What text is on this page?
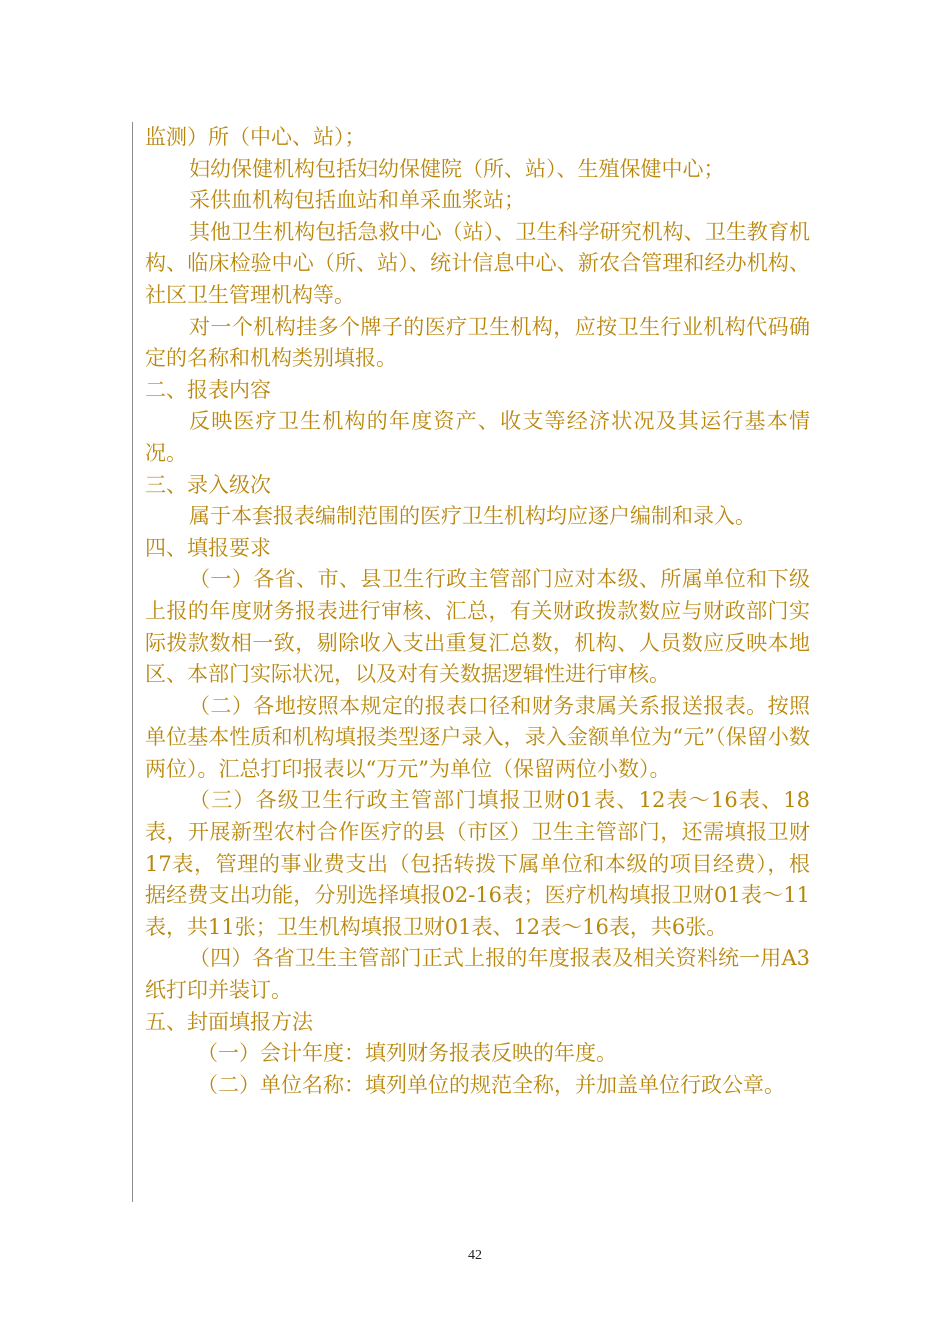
监测）所（中心、站）；

妇幼保健机构包括妇幼保健院（所、站）、生殖保健中心；

采供血机构包括血站和单采血浆站；

其他卫生机构包括急救中心（站）、卫生科学研究机构、卫生教育机构、临床检验中心（所、站）、统计信息中心、新农合管理和经办机构、社区卫生管理机构等。

对一个机构挂多个牌子的医疗卫生机构，应按卫生行业机构代码确定的名称和机构类别填报。

二、报表内容

反映医疗卫生机构的年度资产、收支等经济状况及其运行基本情况。

三、录入级次

属于本套报表编制范围的医疗卫生机构均应逐户编制和录入。

四、填报要求

（一）各省、市、县卫生行政主管部门应对本级、所属单位和下级上报的年度财务报表进行审核、汇总，有关财政拨款数应与财政部门实际拨款数相一致，剔除收入支出重复汇总数，机构、人员数应反映本地区、本部门实际状况，以及对有关数据逻辑性进行审核。

（二）各地按照本规定的报表口径和财务隶属关系报送报表。按照单位基本性质和机构填报类型逐户录入，录入金额单位为“元”（保留小数两位）。汇总打印报表以“万元”为单位（保留两位小数）。

（三）各级卫生行政主管部门填报卫财01表、12表～16表、18表，开展新型农村合作医疗的县（市区）卫生主管部门，还需填报卫财17表，管理的事业费支出（包括转拨下属单位和本级的项目经费），根据经费支出功能，分别选择填报02-16表；医疗机构填报卫财01表～11表，共11张；卫生机构填报卫财01表、12表～16表，共6张。

（四）各省卫生主管部门正式上报的年度报表及相关资料统一用A3纸打印并装订。

五、封面填报方法

（一）会计年度：填列财务报表反映的年度。

（二）单位名称：填列单位的规范全称，并加盖单位行政公章。

42
